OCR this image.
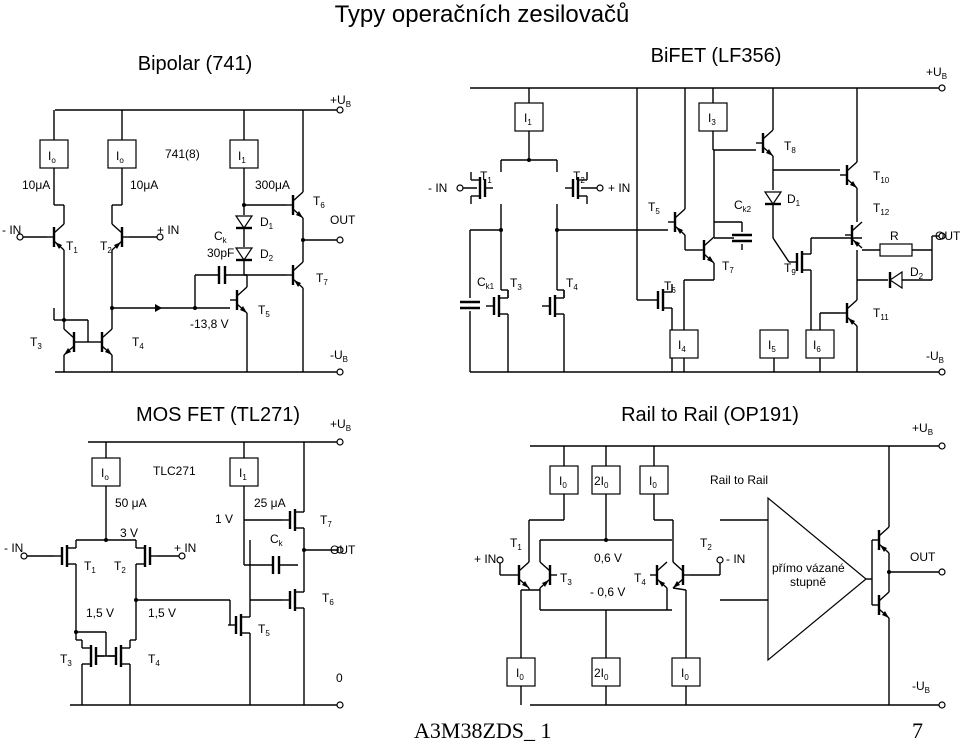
Typy operačních zesilovačů
Bipolar (741)
$+U_B$
$-U_B$
$I_o$	$I_o$	$I_1$
741(8)
10μA	10μA	300μA
- IN	+ IN
$T_1$ $T_2$
$T_3$	$T_4$
$T_5$
-13,8 V
$C_k$
30pF
$D_1$
$D_2$
OUT
$T_6$
$T_7$
BiFET (LF356)
$+U_B$
$-U_B$
$I_1$
- IN	+ IN
$T_1$	$T_2$
$C_{k1}$ $T_3$	$T_4$
$T_5$
$T_6$
$T_7$
$I_4$	$I_5$	$I_6$
$I_3$
$T_8$
$D_1$
$C_{k2}$
$T_9$
$T_{10}$
$T_{12}$
R	OUT
$D_2$
$T_{11}$
MOS FET $(TL271) +U_B$
0
$I_o$	$I_1$
TLC271
50 μA	25 μA
3 V
1 V
- IN	+ IN
$T_1$ $T_2$
1,5 V	1,5 V
$T_3$	$T_4$
$T_5$
$C_k$
$T_7$
OUT
$T_6$
Rail to Rail (OP191)
$+U_B$
$-U_B$
$I_0$ $2I_0$	$I_0$	Rail to Rail
$I_0$	$2I_0$	$I_0$
+ IN
$T_1$
0,6 V
$T_3$
- 0,6 V
$T_4$
- IN
$T_2$
přímo vázané
stupně
OUT
A3M38ZDS_ 1	7
